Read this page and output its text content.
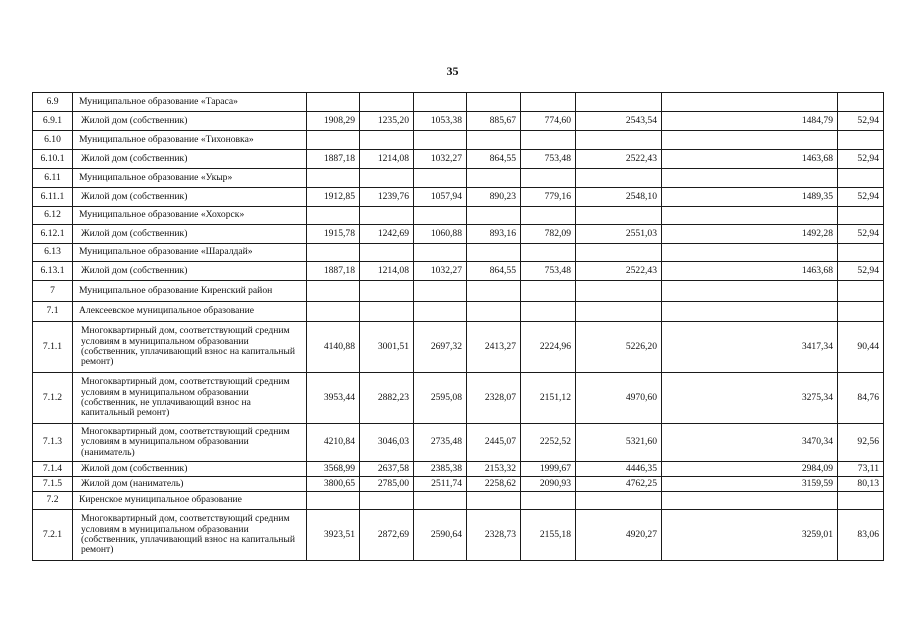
35
6.9	Муниципальное образование «Тараса»								
6.9.1	Жилой дом (собственник)	1908,29	1235,20	1053,38	885,67	774,60	2543,54	1484,79	52,94
6.10	Муниципальное образование «Тихоновка»								
6.10.1	Жилой дом (собственник)	1887,18	1214,08	1032,27	864,55	753,48	2522,43	1463,68	52,94
6.11	Муниципальное образование «Укыр»								
6.11.1	Жилой дом (собственник)	1912,85	1239,76	1057,94	890,23	779,16	2548,10	1489,35	52,94
6.12	Муниципальное образование «Хохорск»								
6.12.1	Жилой дом (собственник)	1915,78	1242,69	1060,88	893,16	782,09	2551,03	1492,28	52,94
6.13	Муниципальное образование «Шаралдай»								
6.13.1	Жилой дом (собственник)	1887,18	1214,08	1032,27	864,55	753,48	2522,43	1463,68	52,94
7	Муниципальное образование Киренский район								
7.1	Алексеевское муниципальное образование								
7.1.1	Многоквартирный дом, соответствующий средним условиям в муниципальном образовании (собственник, уплачивающий взнос на капитальный ремонт)	4140,88	3001,51	2697,32	2413,27	2224,96	5226,20	3417,34	90,44
7.1.2	Многоквартирный дом, соответствующий средним условиям в муниципальном образовании (собственник, не уплачивающий взнос на капитальный ремонт)	3953,44	2882,23	2595,08	2328,07	2151,12	4970,60	3275,34	84,76
7.1.3	Многоквартирный дом, соответствующий средним условиям в муниципальном образовании (наниматель)	4210,84	3046,03	2735,48	2445,07	2252,52	5321,60	3470,34	92,56
7.1.4	Жилой дом (собственник)	3568,99	2637,58	2385,38	2153,32	1999,67	4446,35	2984,09	73,11
7.1.5	Жилой дом (наниматель)	3800,65	2785,00	2511,74	2258,62	2090,93	4762,25	3159,59	80,13
7.2	Киренское муниципальное образование								
7.2.1	Многоквартирный дом, соответствующий средним условиям в муниципальном образовании (собственник, уплачивающий взнос на капитальный ремонт)	3923,51	2872,69	2590,64	2328,73	2155,18	4920,27	3259,01	83,06
